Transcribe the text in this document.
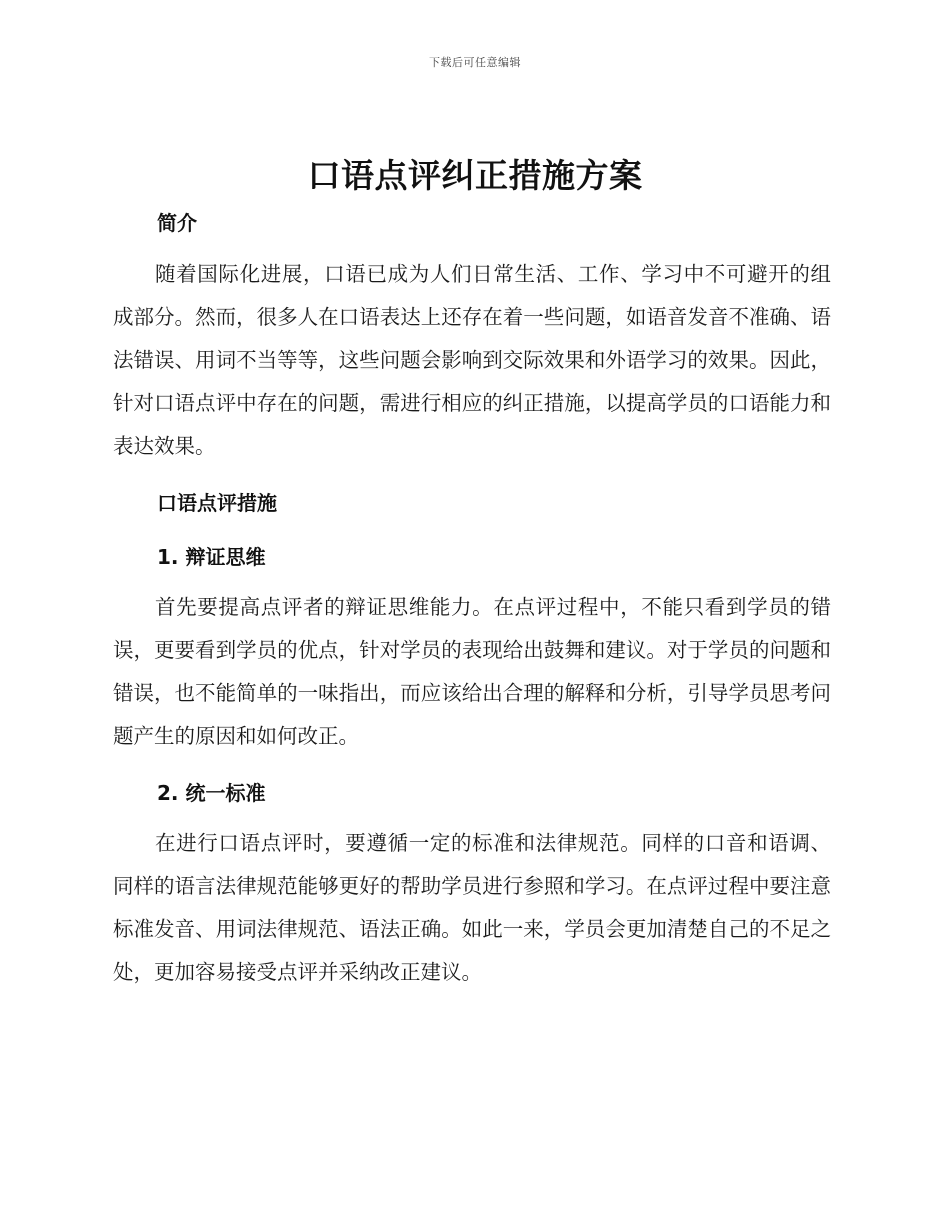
下载后可任意编辑
口语点评纠正措施方案
简介
随着国际化进展，口语已成为人们日常生活、工作、学习中不可避开的组成部分。然而，很多人在口语表达上还存在着一些问题，如语音发音不准确、语法错误、用词不当等等，这些问题会影响到交际效果和外语学习的效果。因此，针对口语点评中存在的问题，需进行相应的纠正措施，以提高学员的口语能力和表达效果。
口语点评措施
1. 辩证思维
首先要提高点评者的辩证思维能力。在点评过程中，不能只看到学员的错误，更要看到学员的优点，针对学员的表现给出鼓舞和建议。对于学员的问题和错误，也不能简单的一味指出，而应该给出合理的解释和分析，引导学员思考问题产生的原因和如何改正。
2. 统一标准
在进行口语点评时，要遵循一定的标准和法律规范。同样的口音和语调、同样的语言法律规范能够更好的帮助学员进行参照和学习。在点评过程中要注意标准发音、用词法律规范、语法正确。如此一来，学员会更加清楚自己的不足之处，更加容易接受点评并采纳改正建议。
